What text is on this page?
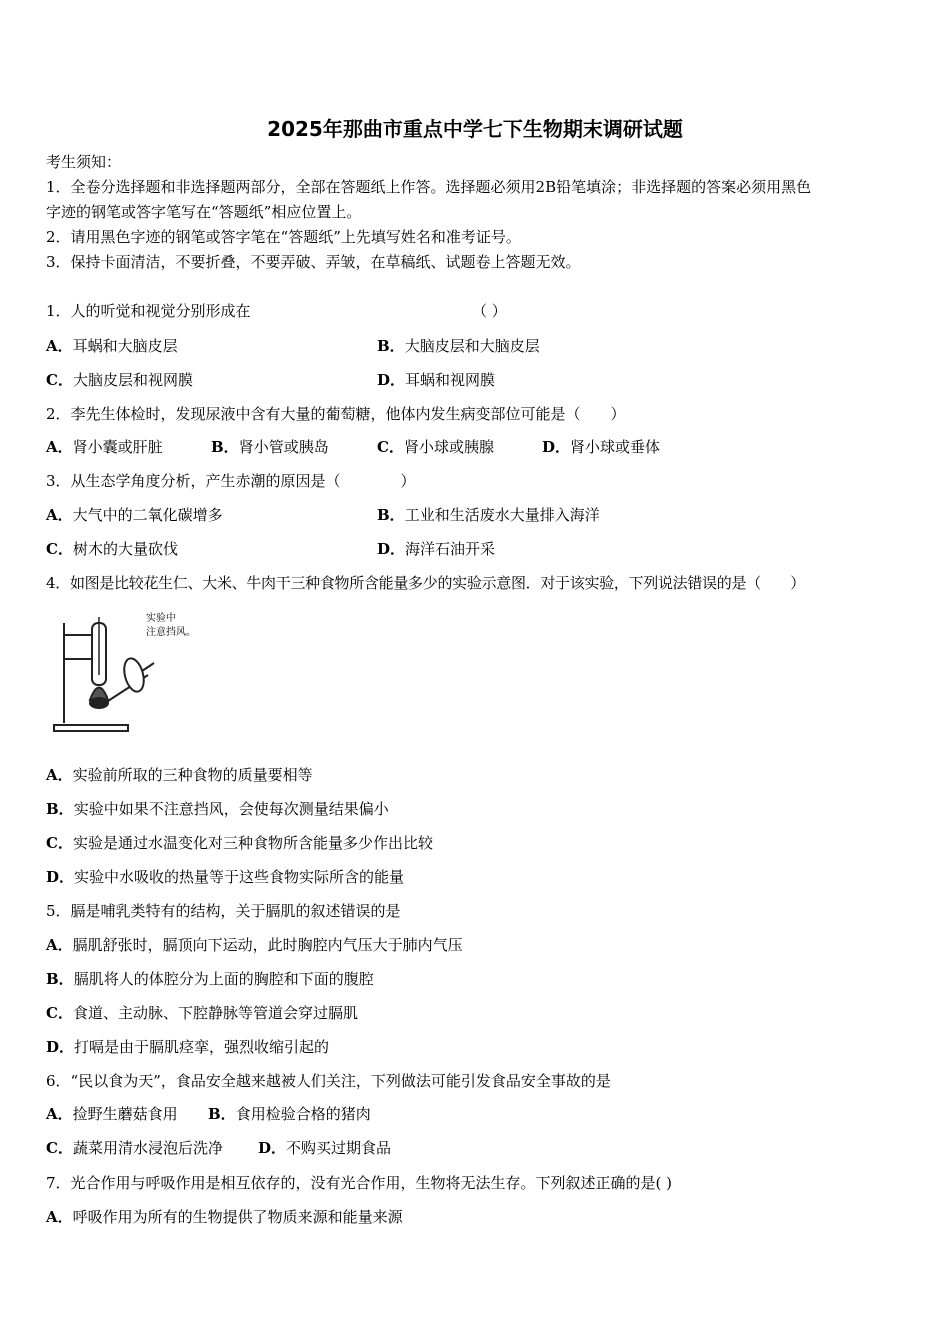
2025年那曲市重点中学七下生物期末调研试题
考生须知：
1．全卷分选择题和非选择题两部分，全部在答题纸上作答。选择题必须用2B铅笔填涂；非选择题的答案必须用黑色
字迹的钢笔或答字笔写在“答题纸”相应位置上。
2．请用黑色字迹的钢笔或答字笔在“答题纸”上先填写姓名和准考证号。
3．保持卡面清洁，不要折叠，不要弄破、弄皱，在草稿纸、试题卷上答题无效。
1．人的听觉和视觉分别形成在	（ ）
A．耳蜗和大脑皮层	B．大脑皮层和大脑皮层
C．大脑皮层和视网膜	D．耳蜗和视网膜
2．李先生体检时，发现尿液中含有大量的葡萄糖，他体内发生病变部位可能是（　　）
A．肾小囊或肝脏	B．肾小管或胰岛	C．肾小球或胰腺	D．肾小球或垂体
3．从生态学角度分析，产生赤潮的原因是（　　　　）
A．大气中的二氧化碳增多	B．工业和生活废水大量排入海洋
C．树木的大量砍伐	D．海洋石油开采
4．如图是比较花生仁、大米、牛肉干三种食物所含能量多少的实验示意图．对于该实验，下列说法错误的是（　　）
实验中
注意挡风。
A．实验前所取的三种食物的质量要相等
B．实验中如果不注意挡风，会使每次测量结果偏小
C．实验是通过水温变化对三种食物所含能量多少作出比较
D．实验中水吸收的热量等于这些食物实际所含的能量
5．膈是哺乳类特有的结构，关于膈肌的叙述错误的是
A．膈肌舒张时，膈顶向下运动，此时胸腔内气压大于肺内气压
B．膈肌将人的体腔分为上面的胸腔和下面的腹腔
C．食道、主动脉、下腔静脉等管道会穿过膈肌
D．打嗝是由于膈肌痉挛，强烈收缩引起的
6．“民以食为天”，食品安全越来越被人们关注，下列做法可能引发食品安全事故的是
A．捡野生蘑菇食用 B．食用检验合格的猪肉
C．蔬菜用清水浸泡后洗净 D．不购买过期食品
7．光合作用与呼吸作用是相互依存的，没有光合作用，生物将无法生存。下列叙述正确的是( )
A．呼吸作用为所有的生物提供了物质来源和能量来源
